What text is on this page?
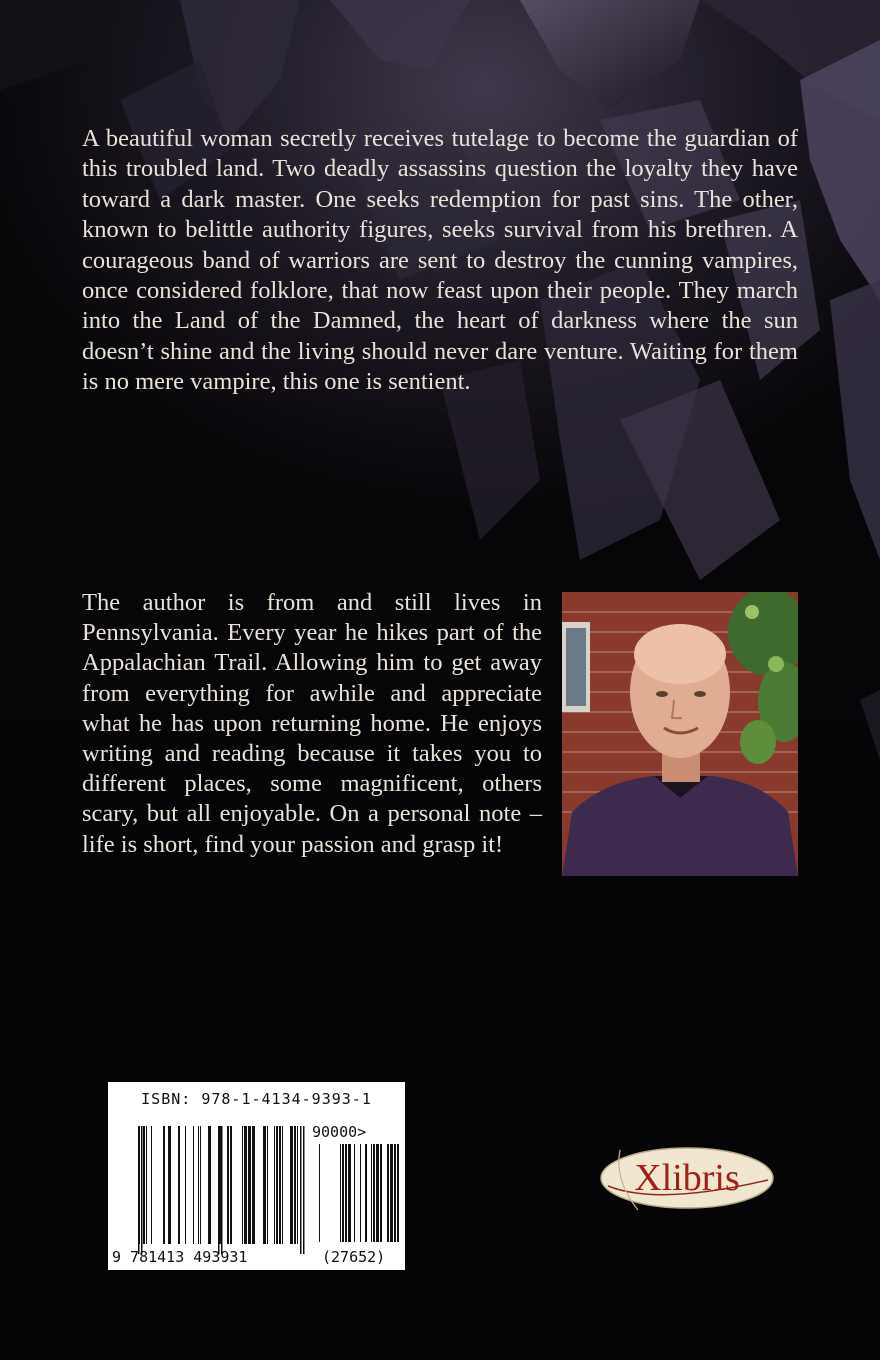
A beautiful woman secretly receives tutelage to become the guardian of this troubled land. Two deadly assassins question the loyalty they have toward a dark master. One seeks redemption for past sins. The other, known to belittle authority figures, seeks survival from his brethren. A courageous band of warriors are sent to destroy the cunning vampires, once considered folklore, that now feast upon their people. They march into the Land of the Damned, the heart of darkness where the sun doesn’t shine and the living should never dare venture. Waiting for them is no mere vampire, this one is sentient.

The author is from and still lives in Pennsylvania. Every year he hikes part of the Appalachian Trail. Allowing him to get away from everything for awhile and appreciate what he has upon returning home. He enjoys writing and reading because it takes you to different places, some magnificent, others scary, but all enjoyable. On a personal note – life is short, find your passion and grasp it!
ISBN: 978-1-4134-9393-1
90000>
9 781413 493931	(27652)
Xlibris
